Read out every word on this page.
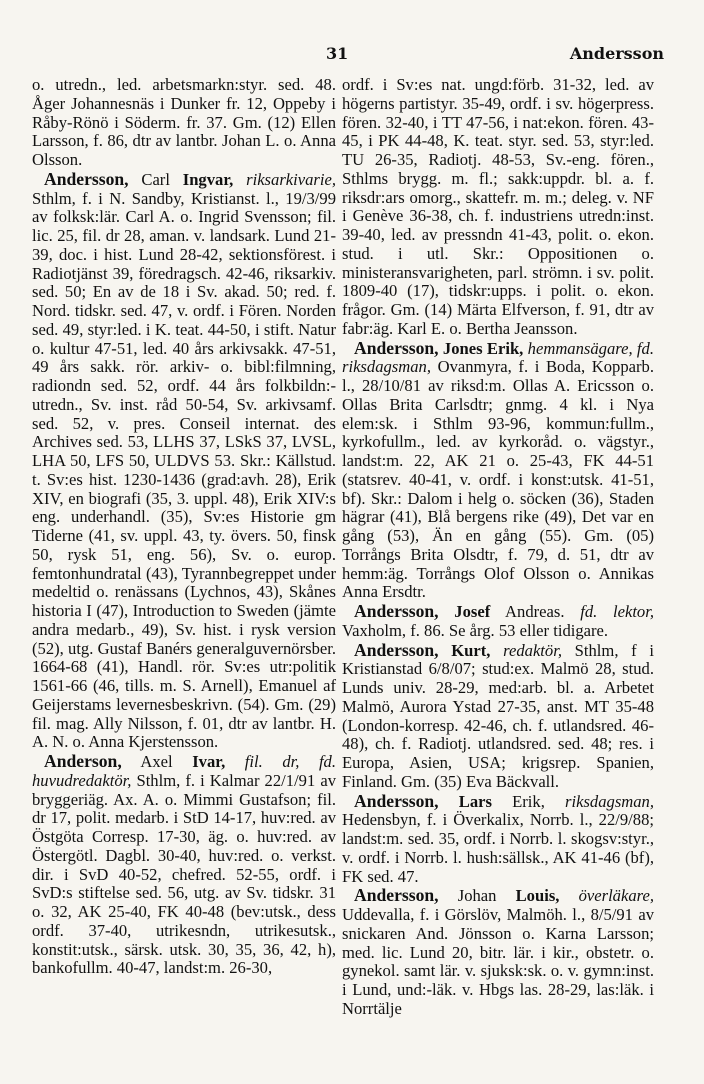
31	Andersson

o. utredn., led. arbetsmarkn:styr. sed. 48. Åger Johannesnäs i Dunker fr. 12, Oppeby i Råby-Rönö i Söderm. fr. 37. Gm. (12) Ellen Larsson, f. 86, dtr av lantbr. Johan L. o. Anna Olsson.

Andersson, Carl Ingvar, riksarkivarie, Sthlm, f. i N. Sandby, Kristianst. l., 19/3/99 av folksk:lär. Carl A. o. Ingrid Svensson; fil. lic. 25, fil. dr 28, aman. v. landsark. Lund 21-39, doc. i hist. Lund 28-42, sektionsförest. i Radiotjänst 39, föredragsch. 42-46, riksarkiv. sed. 50; En av de 18 i Sv. akad. 50; red. f. Nord. tidskr. sed. 47, v. ordf. i Fören. Norden sed. 49, styr:led. i K. teat. 44-50, i stift. Natur o. kultur 47-51, led. 40 års arkivsakk. 47-51, 49 års sakk. rör. arkiv- o. bibl:filmning, radiondn sed. 52, ordf. 44 års folkbildn:-utredn., Sv. inst. råd 50-54, Sv. arkivsamf. sed. 52, v. pres. Conseil internat. des Archives sed. 53, LLHS 37, LSkS 37, LVSL, LHA 50, LFS 50, ULDVS 53. Skr.: Källstud. t. Sv:es hist. 1230-1436 (grad:avh. 28), Erik XIV, en biografi (35, 3. uppl. 48), Erik XIV:s eng. underhandl. (35), Sv:es Historie gm Tiderne (41, sv. uppl. 43, ty. övers. 50, finsk 50, rysk 51, eng. 56), Sv. o. europ. femtonhundratal (43), Tyrannbegreppet under medeltid o. renässans (Lychnos, 43), Skånes historia I (47), Introduction to Sweden (jämte andra medarb., 49), Sv. hist. i rysk version (52), utg. Gustaf Banérs generalguvernörsber. 1664-68 (41), Handl. rör. Sv:es utr:politik 1561-66 (46, tills. m. S. Arnell), Emanuel af Geijerstams levernesbeskrivn. (54). Gm. (29) fil. mag. Ally Nilsson, f. 01, dtr av lantbr. H. A. N. o. Anna Kjerstensson.

Anderson, Axel Ivar, fil. dr, fd. huvudredaktör, Sthlm, f. i Kalmar 22/1/91 av bryggeriäg. Ax. A. o. Mimmi Gustafson; fil. dr 17, polit. medarb. i StD 14-17, huv:red. av Östgöta Corresp. 17-30, äg. o. huv:red. av Östergötl. Dagbl. 30-40, huv:red. o. verkst. dir. i SvD 40-52, chefred. 52-55, ordf. i SvD:s stiftelse sed. 56, utg. av Sv. tidskr. 31 o. 32, AK 25-40, FK 40-48 (bev:utsk., dess ordf. 37-40, utrikesndn, utrikesutsk., konstit:utsk., särsk. utsk. 30, 35, 36, 42, h), bankofullm. 40-47, landst:m. 26-30,

ordf. i Sv:es nat. ungd:förb. 31-32, led. av högerns partistyr. 35-49, ordf. i sv. högerpress. fören. 32-40, i TT 47-56, i nat:ekon. fören. 43-45, i PK 44-48, K. teat. styr. sed. 53, styr:led. TU 26-35, Radiotj. 48-53, Sv.-eng. fören., Sthlms brygg. m. fl.; sakk:uppdr. bl. a. f. riksdr:ars omorg., skattefr. m. m.; deleg. v. NF i Genève 36-38, ch. f. industriens utredn:inst. 39-40, led. av pressndn 41-43, polit. o. ekon. stud. i utl. Skr.: Oppositionen o. ministeransvarigheten, parl. strömn. i sv. polit. 1809-40 (17), tidskr:upps. i polit. o. ekon. frågor. Gm. (14) Märta Elfverson, f. 91, dtr av fabr:äg. Karl E. o. Bertha Jeansson.

Andersson, Jones Erik, hemmansägare, fd. riksdagsman, Ovanmyra, f. i Boda, Kopparb. l., 28/10/81 av riksd:m. Ollas A. Ericsson o. Ollas Brita Carlsdtr; gnmg. 4 kl. i Nya elem:sk. i Sthlm 93-96, kommun:fullm., kyrkofullm., led. av kyrkoråd. o. vägstyr., landst:m. 22, AK 21 o. 25-43, FK 44-51 (statsrev. 40-41, v. ordf. i konst:utsk. 41-51, bf). Skr.: Dalom i helg o. söcken (36), Staden hägrar (41), Blå bergens rike (49), Det var en gång (53), Än en gång (55). Gm. (05) Torrångs Brita Olsdtr, f. 79, d. 51, dtr av hemm:äg. Torrångs Olof Olsson o. Annikas Anna Ersdtr.

Andersson, Josef Andreas. fd. lektor, Vaxholm, f. 86. Se årg. 53 eller tidigare.

Andersson, Kurt, redaktör, Sthlm, f i Kristianstad 6/8/07; stud:ex. Malmö 28, stud. Lunds univ. 28-29, med:arb. bl. a. Arbetet Malmö, Aurora Ystad 27-35, anst. MT 35-48 (London-korresp. 42-46, ch. f. utlandsred. 46-48), ch. f. Radiotj. utlandsred. sed. 48; res. i Europa, Asien, USA; krigsrep. Spanien, Finland. Gm. (35) Eva Bäckvall.

Andersson, Lars Erik, riksdagsman, Hedensbyn, f. i Överkalix, Norrb. l., 22/9/88; landst:m. sed. 35, ordf. i Norrb. l. skogsv:styr., v. ordf. i Norrb. l. hush:sällsk., AK 41-46 (bf), FK sed. 47.

Andersson, Johan Louis, överläkare, Uddevalla, f. i Görslöv, Malmöh. l., 8/5/91 av snickaren And. Jönsson o. Karna Larsson; med. lic. Lund 20, bitr. lär. i kir., obstetr. o. gynekol. samt lär. v. sjuksk:sk. o. v. gymn:inst. i Lund, und:-läk. v. Hbgs las. 28-29, las:läk. i Norrtälje
